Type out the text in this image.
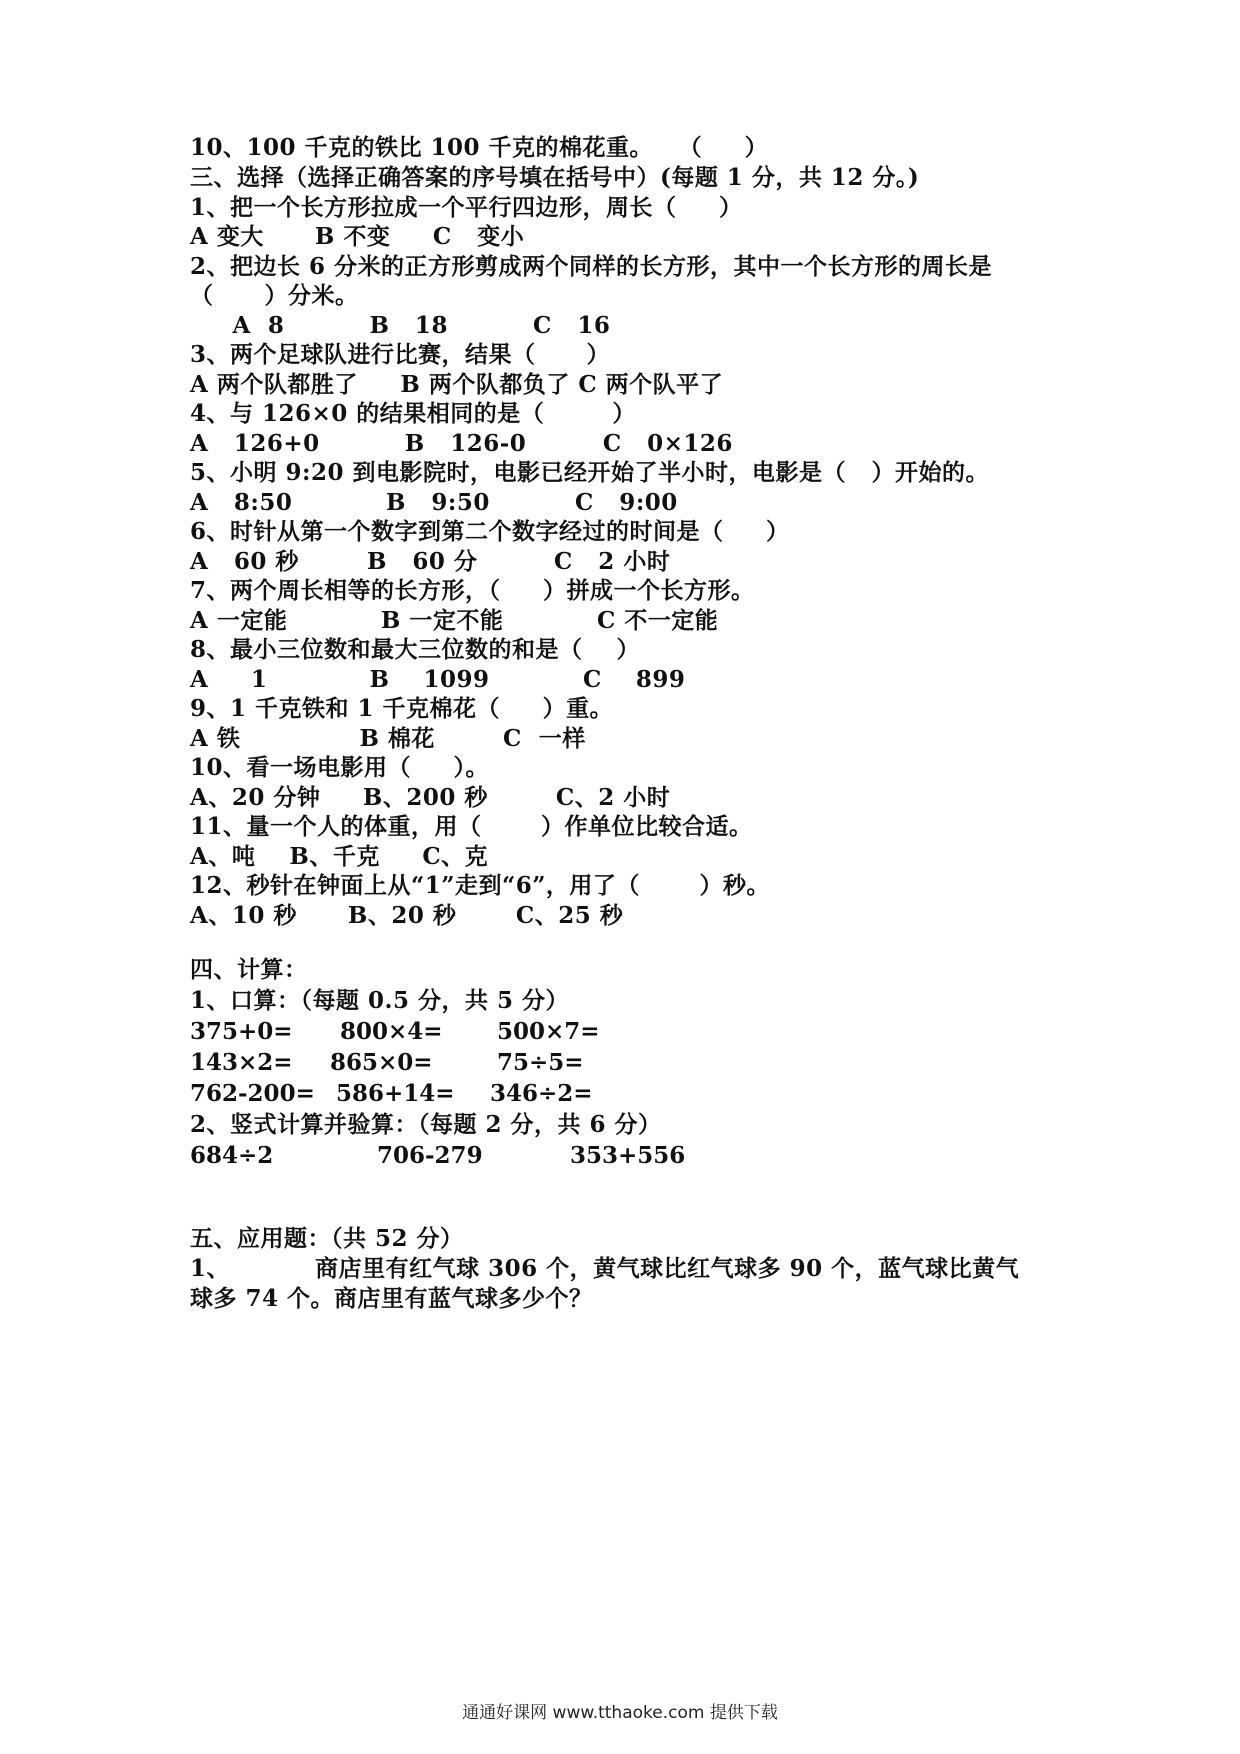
10、100 千克的铁比 100 千克的棉花重。   （     ）
三、选择（选择正确答案的序号填在括号中）(每题 1 分，共 12 分。)
1、把一个长方形拉成一个平行四边形，周长（     ）
A 变大      B 不变     C   变小
2、把边长 6 分米的正方形剪成两个同样的长方形，其中一个长方形的周长是
（      ）分米。
A  8          B   18          C   16
3、两个足球队进行比赛，结果（      ）
A 两个队都胜了     B 两个队都负了 C 两个队平了
4、与 126×0 的结果相同的是（        ）
A   126+0          B   126-0         C   0×126
5、小明 9:20 到电影院时，电影已经开始了半小时，电影是（   ）开始的。
A   8:50           B   9:50          C   9:00
6、时针从第一个数字到第二个数字经过的时间是（     ）
A   60 秒        B   60 分         C   2 小时
7、两个周长相等的长方形，（     ）拼成一个长方形。
A 一定能           B 一定不能           C 不一定能
8、最小三位数和最大三位数的和是（    ）
A     1            B    1099           C    899
9、1 千克铁和 1 千克棉花（     ）重。
A 铁              B 棉花        C  一样
10、看一场电影用（     ）。
A、20 分钟     B、200 秒        C、2 小时
11、量一个人的体重，用（       ）作单位比较合适。
A、吨    B、千克     C、克
12、秒针在钟面上从“1”走到“6”，用了（       ）秒。
A、10 秒      B、20 秒       C、25 秒
四、计算：
1、口算：（每题 0.5 分，共 5 分）
375+0= 800×4= 500×7=
143×2= 865×0=	75÷5=
762-200= 586+14= 346÷2=
2、竖式计算并验算：（每题 2 分，共 6 分）
684÷2	706-279	353+556
五、应用题：（共 52 分）
1、          商店里有红气球 306 个，黄气球比红气球多 90 个，蓝气球比黄气
球多 74 个。商店里有蓝气球多少个？
通通好课网 www.tthaoke.com 提供下载
